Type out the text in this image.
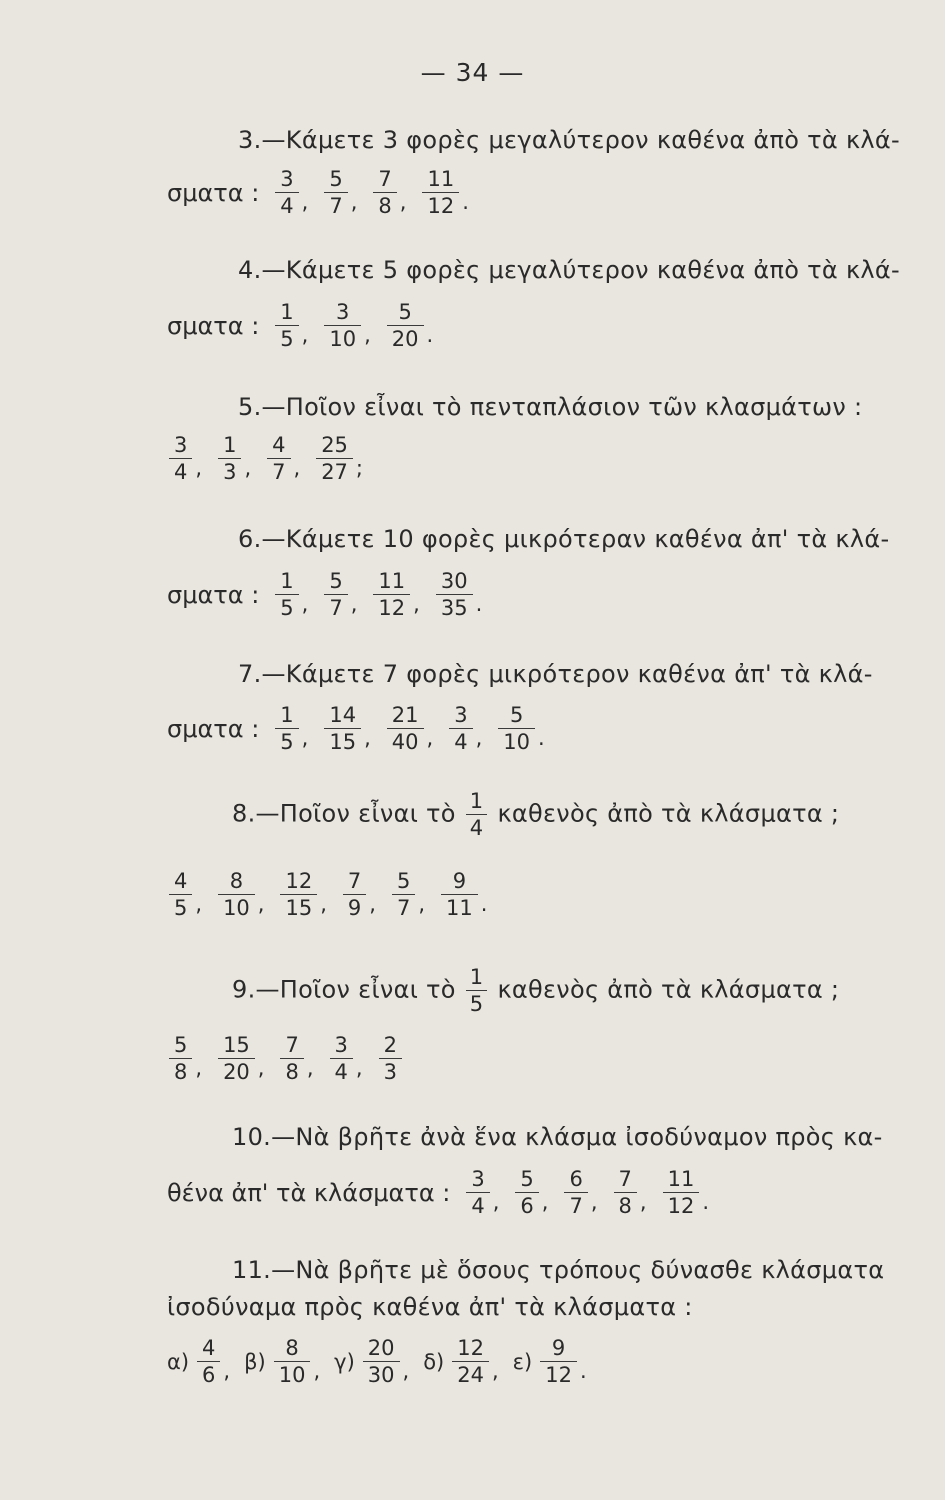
— 34 —
3.—Κάμετε 3 φορὲς μεγαλύτερον καθένα ἀπὸ τὰ κλά-
σματα : $\frac{3}{4}$ , $\frac{5}{7}$ , $\frac{7}{8}$ , $\frac{11}{12}$ .
4.—Κάμετε 5 φορὲς μεγαλύτερον καθένα ἀπὸ τὰ κλά-
σματα : $\frac{1}{5}$ , $\frac{3}{10}$ , $\frac{5}{20}$ .
5.—Ποῖον εἶναι τὸ πενταπλάσιον τῶν κλασμάτων :
$\frac{3}{4}$ , $\frac{1}{3}$ , $\frac{4}{7}$ , $\frac{25}{27}$ ;
6.—Κάμετε 10 φορὲς μικρότεραν καθένα ἀπ' τὰ κλά-
σματα : $\frac{1}{5}$ , $\frac{5}{7}$ , $\frac{11}{12}$ , $\frac{30}{35}$ .
7.—Κάμετε 7 φορὲς μικρότερον καθένα ἀπ' τὰ κλά-
σματα : $\frac{1}{5}$ , $\frac{14}{15}$ , $\frac{21}{40}$ , $\frac{3}{4}$ , $\frac{5}{10}$ .
8.—Ποῖον εἶναι τὸ $\frac{1}{4}$ καθενὸς ἀπὸ τὰ κλάσματα ;
$\frac{4}{5}$ , $\frac{8}{10}$ , $\frac{12}{15}$ , $\frac{7}{9}$ , $\frac{5}{7}$ , $\frac{9}{11}$ .
9.—Ποῖον εἶναι τὸ $\frac{1}{5}$ καθενὸς ἀπὸ τὰ κλάσματα ;
$\frac{5}{8}$ , $\frac{15}{20}$ , $\frac{7}{8}$ , $\frac{3}{4}$ , $\frac{2}{3}$
10.—Νὰ βρῆτε ἀνὰ ἕνα κλάσμα ἰσοδύναμον πρὸς κα-
θένα ἀπ' τὰ κλάσματα : $\frac{3}{4}$ , $\frac{5}{6}$ , $\frac{6}{7}$ , $\frac{7}{8}$ , $\frac{11}{12}$ .
11.—Νὰ βρῆτε μὲ ὅσους τρόπους δύνασθε κλάσματα
ἰσοδύναμα πρὸς καθένα ἀπ' τὰ κλάσματα :
$\alpha) \frac{4}{6}$ , $\beta) \frac{8}{10}$ , $\gamma) \frac{20}{30}$ , $\delta) \frac{12}{24}$ , $\varepsilon) \frac{9}{12}$ .
